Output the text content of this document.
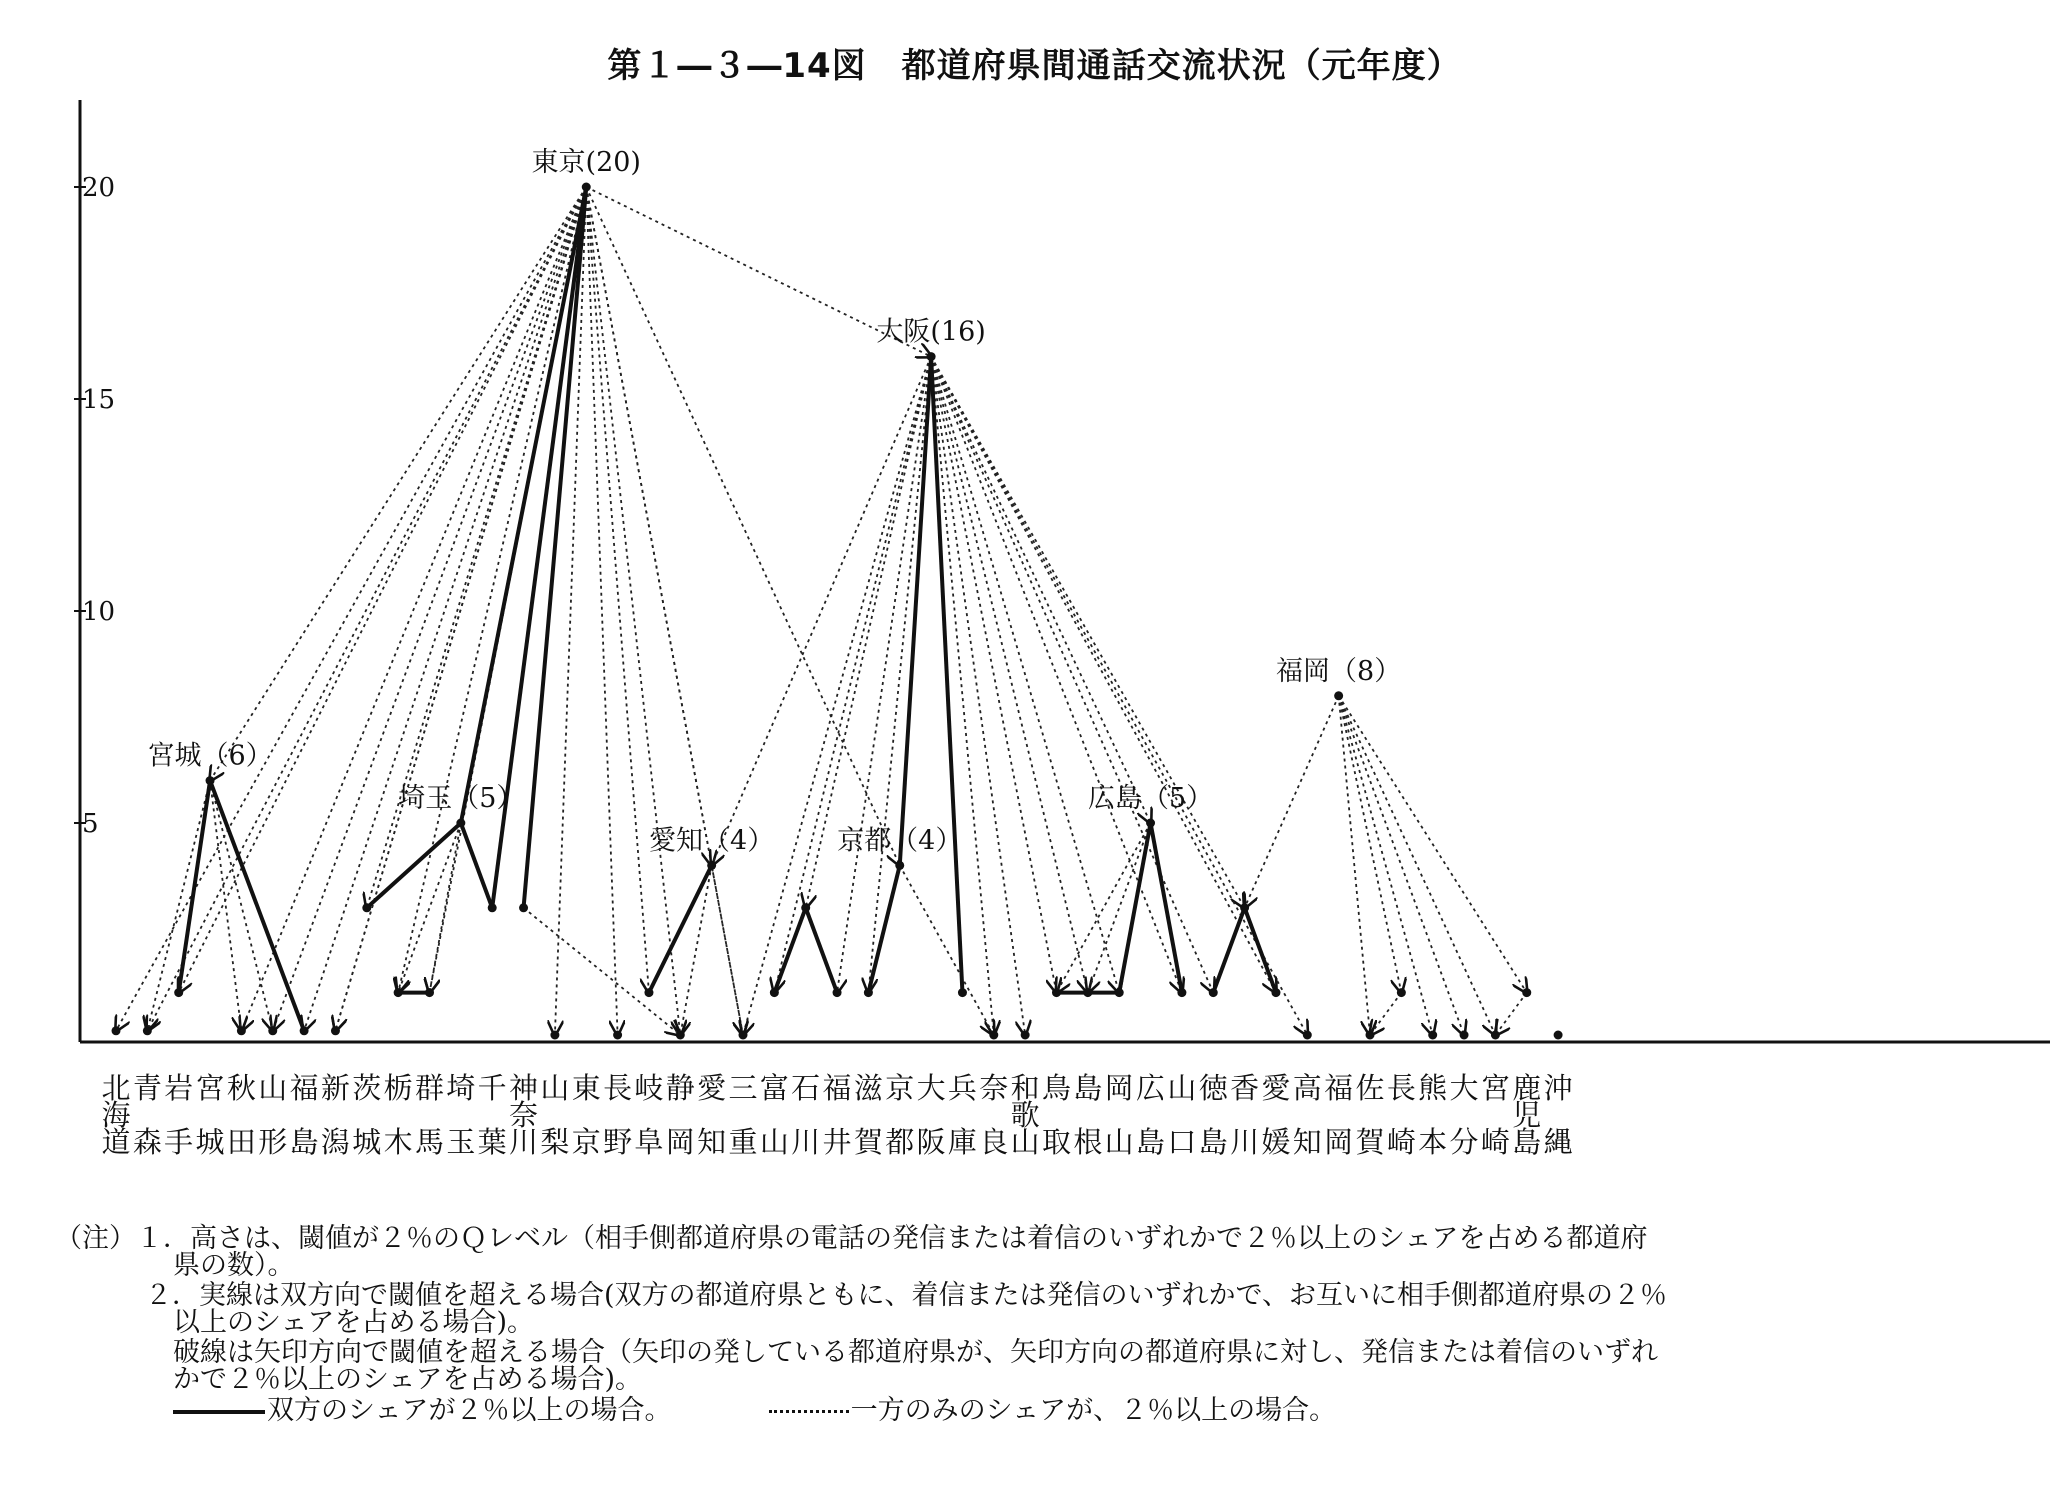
第１―３―14図　都道府県間通話交流状況（元年度）
20
15
10
5
東京(20)
大阪(16)
福岡（8）
宮城（6）
埼玉（5）
愛知（4） 京都（4）
広島（5）
北
海
道
青
森
岩
手
宮
城
秋
田
山
形
福
島
新
潟
茨
城
栃
木
群
馬
埼
玉
千
葉
神
奈
川
山
梨
東
京
長
野
岐
阜
静
岡
愛
知
三
重
富
山
石
川
福
井
滋
賀
京
都
大
阪
兵
庫
奈
良
和
歌
山
鳥
取
島
根
岡
山
広
島
山
口
徳
島
香
川
愛
媛
高
知
福
岡
佐
賀
長
崎
熊
本
大
分
宮
崎
鹿
児
島
沖
縄
（注）１．高さは、閾値が２％のＱレベル（相手側都道府県の電話の発信または着信のいずれかで２％以上のシェアを占める都道府
県の数）。
２．実線は双方向で閾値を超える場合(双方の都道府県ともに、着信または発信のいずれかで、お互いに相手側都道府県の２％
以上のシェアを占める場合)。
破線は矢印方向で閾値を超える場合（矢印の発している都道府県が、矢印方向の都道府県に対し、発信または着信のいずれ
かで２％以上のシェアを占める場合)。
双方のシェアが２％以上の場合。	一方のみのシェアが、２％以上の場合。
